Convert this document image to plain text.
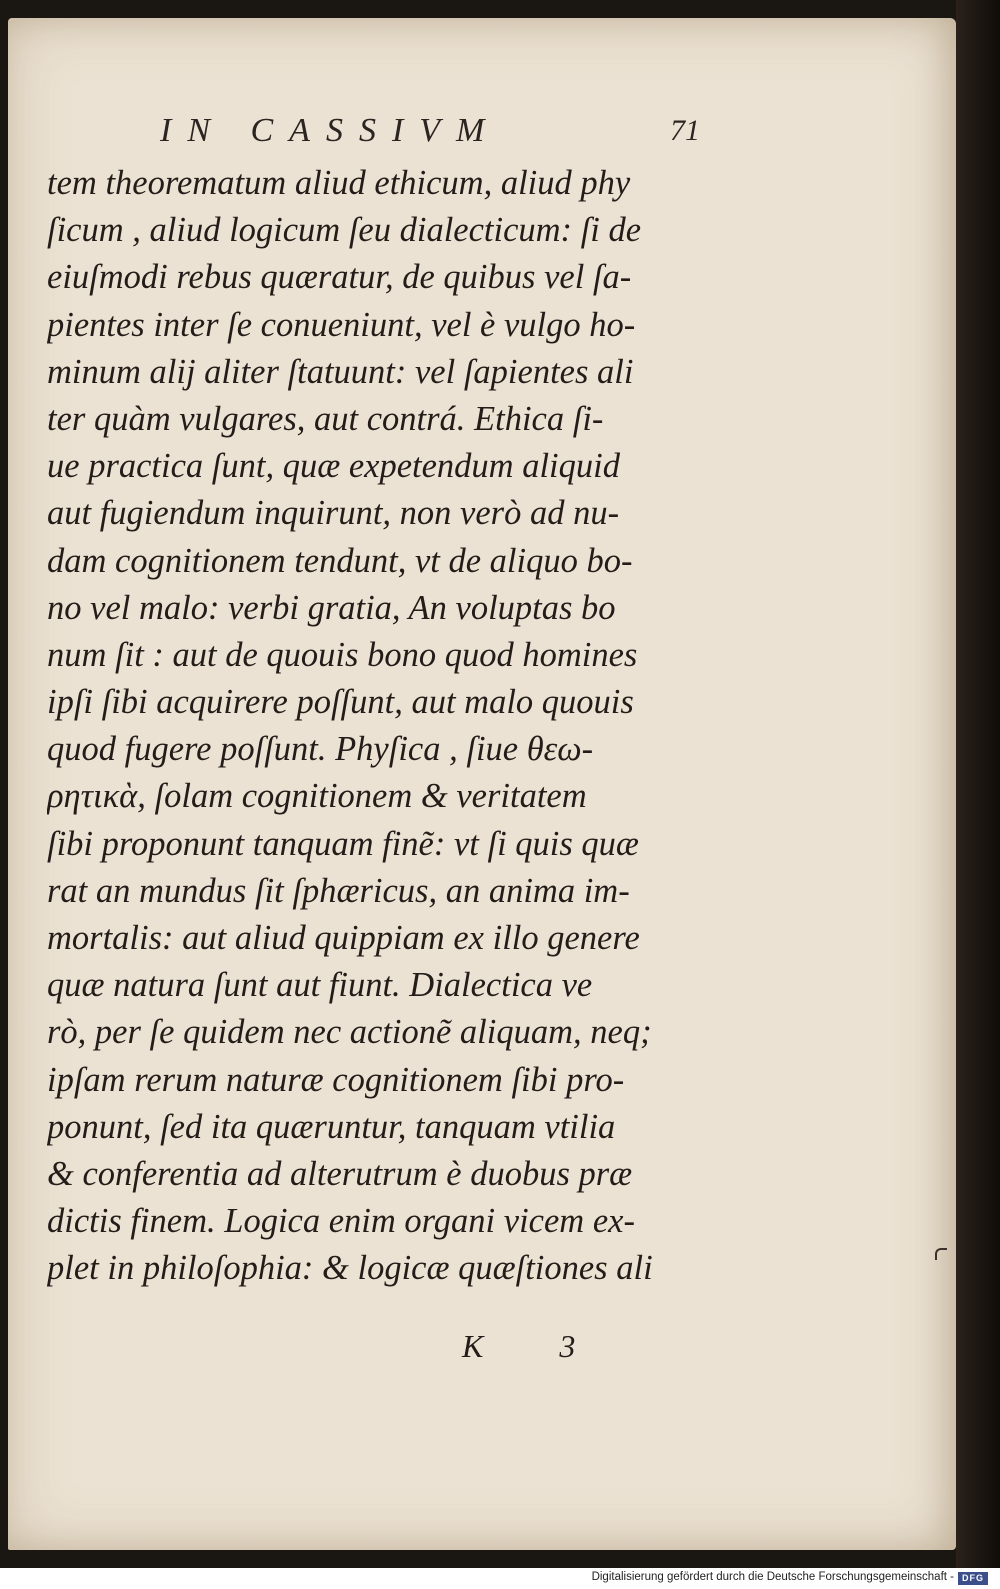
IN CASSIVM	71
tem theorematum aliud ethicum, aliud phy
ſicum , aliud logicum ſeu dialecticum: ſi de
eiuſmodi rebus quæratur, de quibus vel ſa-
pientes inter ſe conueniunt, vel è vulgo ho-
minum alij aliter ſtatuunt: vel ſapientes ali
ter quàm vulgares, aut contrá. Ethica ſi-
ue practica ſunt, quæ expetendum aliquid
aut fugiendum inquirunt, non verò ad nu-
dam cognitionem tendunt, vt de aliquo bo-
no vel malo: verbi gratia, An voluptas bo
num ſit : aut de quouis bono quod homines
ipſi ſibi acquirere poſſunt, aut malo quouis
quod fugere poſſunt. Phyſica , ſiue θεω-
ρητικὰ, ſolam cognitionem & veritatem
ſibi proponunt tanquam finẽ: vt ſi quis quæ
rat an mundus ſit ſphæricus, an anima im-
mortalis: aut aliud quippiam ex illo genere
quæ natura ſunt aut fiunt. Dialectica ve
rò, per ſe quidem nec actionẽ aliquam, neq;
ipſam rerum naturæ cognitionem ſibi pro-
ponunt, ſed ita quæruntur, tanquam vtilia
& conferentia ad alterutrum è duobus præ
dictis finem. Logica enim organi vicem ex-
plet in philoſophia: & logicæ quæſtiones ali
K 3
Digitalisierung gefördert durch die Deutsche Forschungsgemeinschaft - DFG
